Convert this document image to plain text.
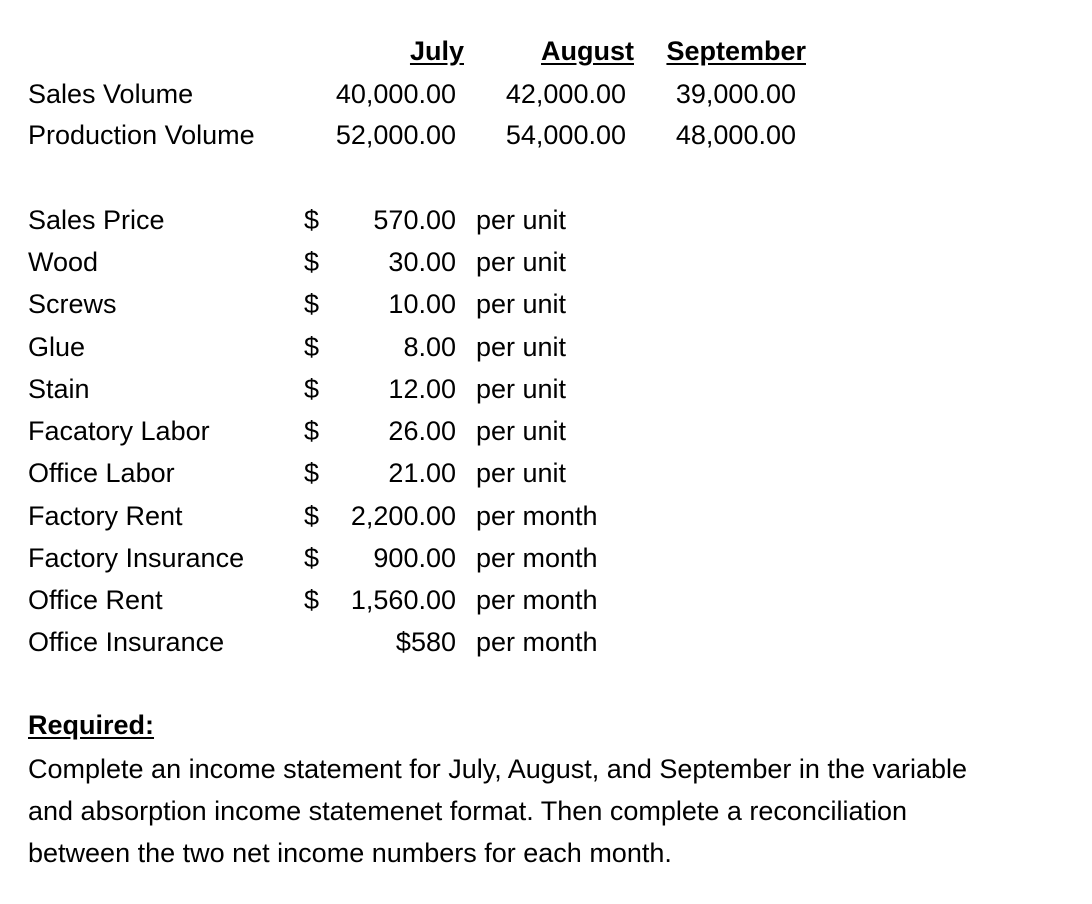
July	August	September
Sales Volume	40,000.00	42,000.00	39,000.00
Production Volume	52,000.00	54,000.00	48,000.00
Sales Price	$	570.00 per unit
Wood	$	30.00 per unit
Screws	$	10.00 per unit
Glue	$	8.00 per unit
Stain	$	12.00 per unit
Facatory Labor	$	26.00 per unit
Office Labor	$	21.00 per unit
Factory Rent	$	2,200.00 per month
Factory Insurance $	900.00 per month
Office Rent	$	1,560.00 per month
Office Insurance	$580 per month
Required:
Complete an income statement for July, August, and September in the variable
and absorption income statemenet format. Then complete a reconciliation
between the two net income numbers for each month.
